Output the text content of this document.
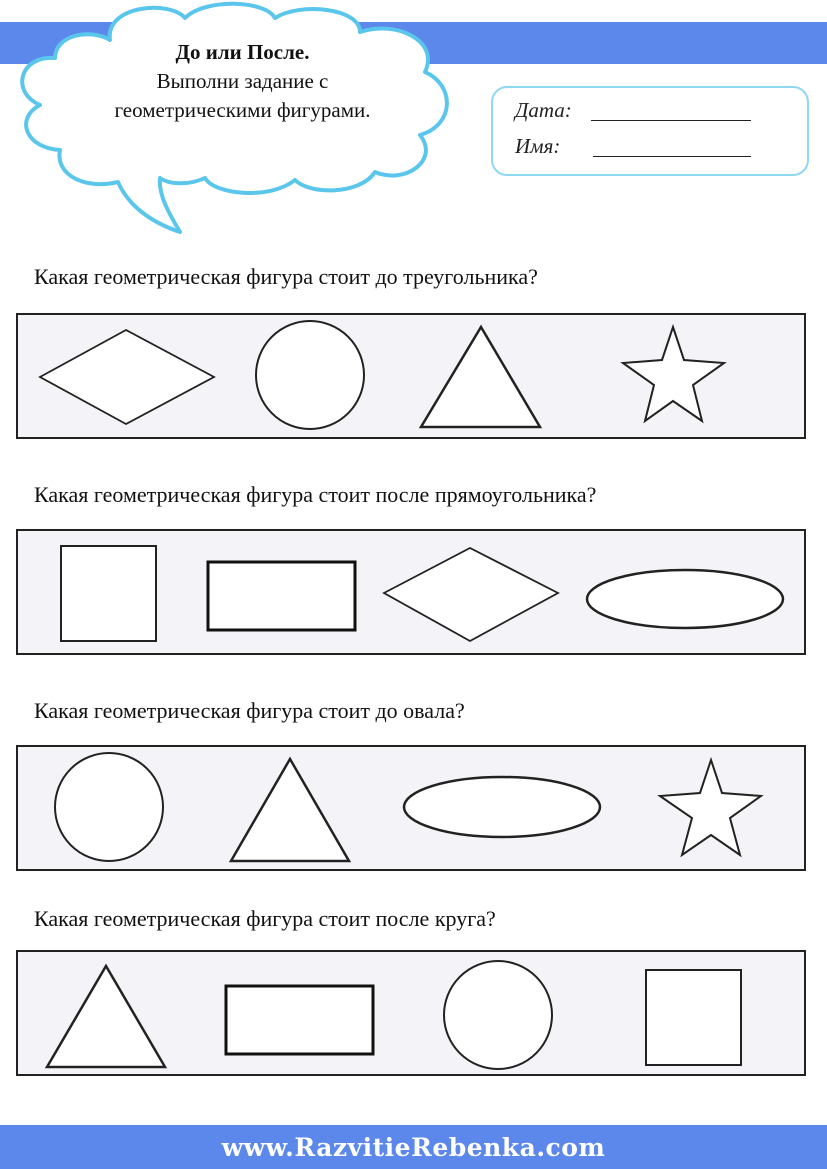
До или После.
Выполни задание с
геометрическими фигурами.	Дата:
Имя:
Какая геометрическая фигура стоит до треугольника?
Какая геометрическая фигура стоит после прямоугольника?
Какая геометрическая фигура стоит до овала?
Какая геометрическая фигура стоит после круга?
www.RazvitieRebenka.com
